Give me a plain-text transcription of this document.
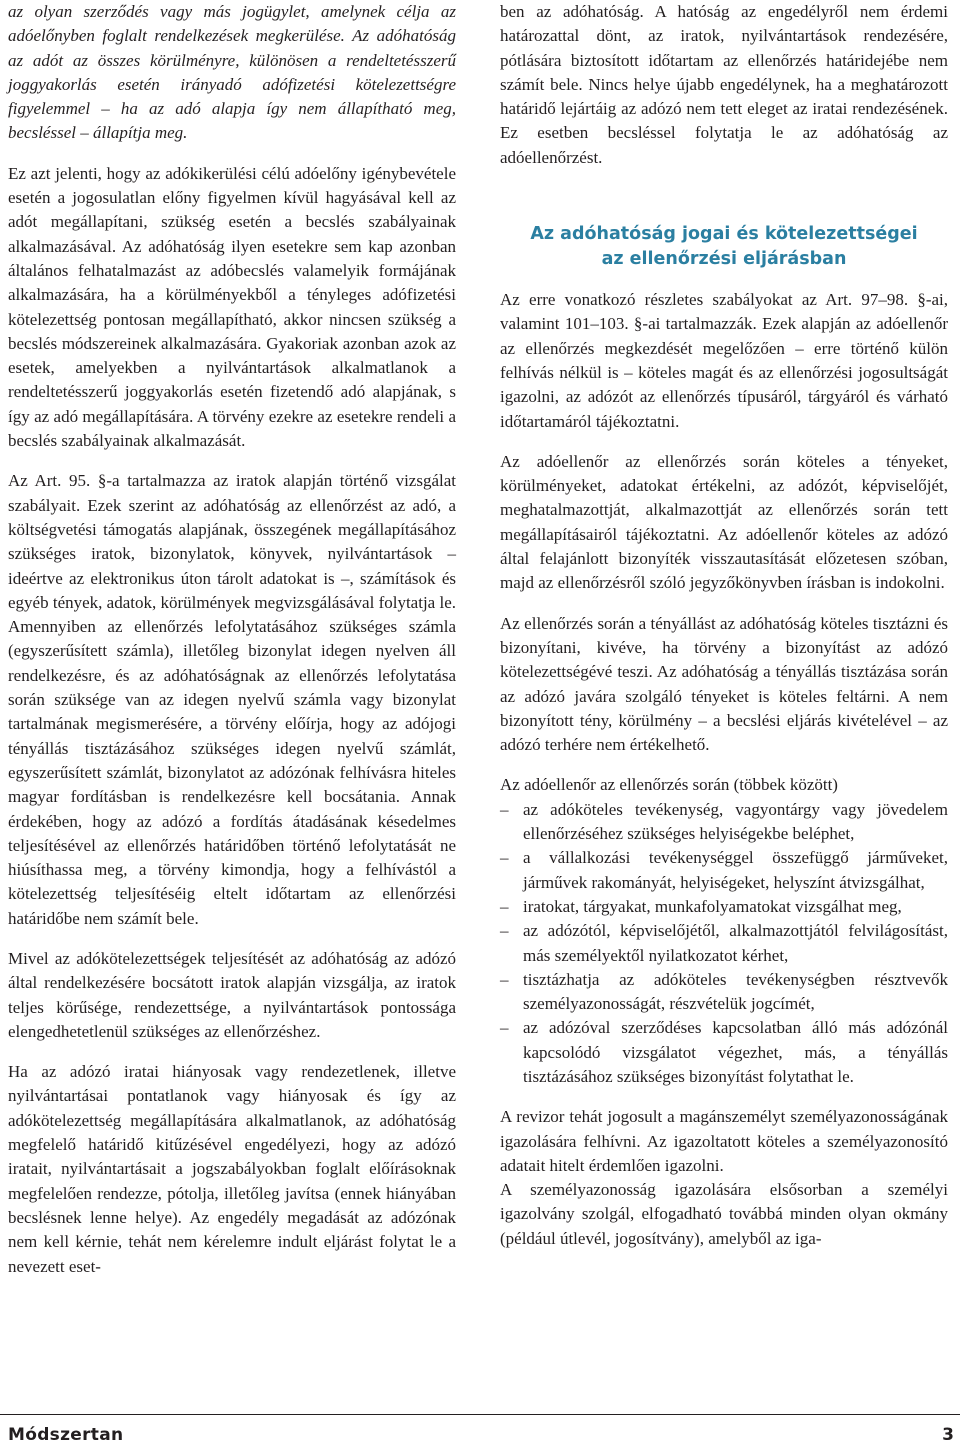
az olyan szerződés vagy más jogügylet, amelynek célja az adóelőnyben foglalt rendelkezések megkerülése. Az adóhatóság az adót az összes körülményre, különösen a rendeltetésszerű joggyakorlás esetén irányadó adófizetési kötelezettségre figyelemmel – ha az adó alapja így nem állapítható meg, becsléssel – állapítja meg.

Ez azt jelenti, hogy az adókikerülési célú adóelőny igénybevétele esetén a jogosulatlan előny figyelmen kívül hagyásával kell az adót megállapítani, szükség esetén a becslés szabályainak alkalmazásával. Az adóhatóság ilyen esetekre sem kap azonban általános felhatalmazást az adóbecslés valamelyik formájának alkalmazására, ha a körülményekből a tényleges adófizetési kötelezettség pontosan megállapítható, akkor nincsen szükség a becslés módszereinek alkalmazására. Gyakoriak azonban azok az esetek, amelyekben a nyilvántartások alkalmatlanok a rendeltetésszerű joggyakorlás esetén fizetendő adó alapjának, s így az adó megállapítására. A törvény ezekre az esetekre rendeli a becslés szabályainak alkalmazását.

Az Art. 95. §-a tartalmazza az iratok alapján történő vizsgálat szabályait. Ezek szerint az adóhatóság az ellenőrzést az adó, a költségvetési támogatás alapjának, összegének megállapításához szükséges iratok, bizonylatok, könyvek, nyilvántartások – ideértve az elektronikus úton tárolt adatokat is –, számítások és egyéb tények, adatok, körülmények megvizsgálásával folytatja le. Amennyiben az ellenőrzés lefolytatásához szükséges számla (egyszerűsített számla), illetőleg bizonylat idegen nyelven áll rendelkezésre, és az adóhatóságnak az ellenőrzés lefolytatása során szüksége van az idegen nyelvű számla vagy bizonylat tartalmának megismerésére, a törvény előírja, hogy az adójogi tényállás tisztázásához szükséges idegen nyelvű számlát, egyszerűsített számlát, bizonylatot az adózónak felhívásra hiteles magyar fordításban is rendelkezésre kell bocsátania. Annak érdekében, hogy az adózó a fordítás átadásának késedelmes teljesítésével az ellenőrzés határidőben történő lefolytatását ne hiúsíthassa meg, a törvény kimondja, hogy a felhívástól a kötelezettség teljesítéséig eltelt időtartam az ellenőrzési határidőbe nem számít bele.

Mivel az adókötelezettségek teljesítését az adóhatóság az adózó által rendelkezésére bocsátott iratok alapján vizsgálja, az iratok teljes körűsége, rendezettsége, a nyilvántartások pontossága elengedhetetlenül szükséges az ellenőrzéshez.

Ha az adózó iratai hiányosak vagy rendezetlenek, illetve nyilvántartásai pontatlanok vagy hiányosak és így az adókötelezettség megállapítására alkalmatlanok, az adóhatóság megfelelő határidő kitűzésével engedélyezi, hogy az adózó iratait, nyilvántartásait a jogszabályokban foglalt előírásoknak megfelelően rendezze, pótolja, illetőleg javítsa (ennek hiányában becslésnek lenne helye). Az engedély megadását az adózónak nem kell kérnie, tehát nem kérelemre indult eljárást folytat le a nevezett eset-

ben az adóhatóság. A hatóság az engedélyről nem érdemi határozattal dönt, az iratok, nyilvántartások rendezésére, pótlására biztosított időtartam az ellenőrzés határidejébe nem számít bele. Nincs helye újabb engedélynek, ha a meghatározott határidő lejártáig az adózó nem tett eleget az iratai rendezésének. Ez esetben becsléssel folytatja le az adóhatóság az adóellenőrzést.

Az adóhatóság jogai és kötelezettségei
az ellenőrzési eljárásban

Az erre vonatkozó részletes szabályokat az Art. 97–98. §-ai, valamint 101–103. §-ai tartalmazzák. Ezek alapján az adóellenőr az ellenőrzés megkezdését megelőzően – erre történő külön felhívás nélkül is – köteles magát és az ellenőrzési jogosultságát igazolni, az adózót az ellenőrzés típusáról, tárgyáról és várható időtartamáról tájékoztatni.

Az adóellenőr az ellenőrzés során köteles a tényeket, körülményeket, adatokat értékelni, az adózót, képviselőjét, meghatalmazottját, alkalmazottját az ellenőrzés során tett megállapításairól tájékoztatni. Az adóellenőr köteles az adózó által felajánlott bizonyíték visszautasítását előzetesen szóban, majd az ellenőrzésről szóló jegyzőkönyvben írásban is indokolni.

Az ellenőrzés során a tényállást az adóhatóság köteles tisztázni és bizonyítani, kivéve, ha törvény a bizonyítást az adózó kötelezettségévé teszi. Az adóhatóság a tényállás tisztázása során az adózó javára szolgáló tényeket is köteles feltárni. A nem bizonyított tény, körülmény – a becslési eljárás kivételével – az adózó terhére nem értékelhető.

Az adóellenőr az ellenőrzés során (többek között)

– az adóköteles tevékenység, vagyontárgy vagy jövedelem ellenőrzéséhez szükséges helyiségekbe beléphet,
– a vállalkozási tevékenységgel összefüggő járműveket, járművek rakományát, helyiségeket, helyszínt átvizsgálhat,
– iratokat, tárgyakat, munkafolyamatokat vizsgálhat meg,
– az adózótól, képviselőjétől, alkalmazottjától felvilágosítást, más személyektől nyilatkozatot kérhet,
– tisztázhatja az adóköteles tevékenységben résztvevők személyazonosságát, részvételük jogcímét,
– az adózóval szerződéses kapcsolatban álló más adózónál kapcsolódó vizsgálatot végezhet, más, a tényállás tisztázásához szükséges bizonyítást folytathat le.

A revizor tehát jogosult a magánszemélyt személyazonosságának igazolására felhívni. Az igazoltatott köteles a személyazonosító adatait hitelt érdemlően igazolni.

A személyazonosság igazolására elsősorban a személyi igazolvány szolgál, elfogadható továbbá minden olyan okmány (például útlevél, jogosítvány), amelyből az iga-

Módszertan	3
